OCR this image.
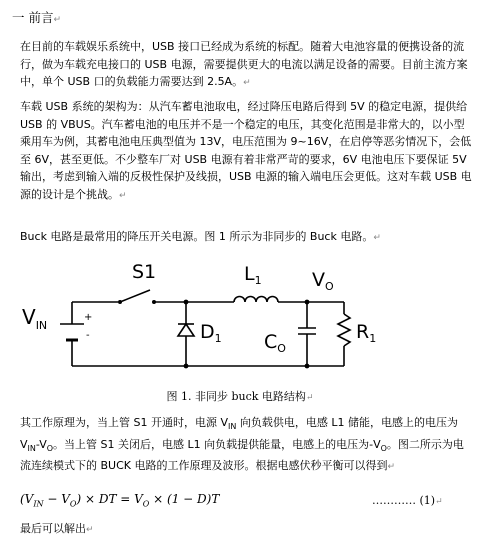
一 前言↵

在目前的车载娱乐系统中，USB 接口已经成为系统的标配。随着大电池容量的便携设备的流行，做为车载充电接口的 USB 电源，需要提供更大的电流以满足设备的需要。目前主流方案中，单个 USB 口的负载能力需要达到 2.5A。↵

车载 USB 系统的架构为：从汽车蓄电池取电，经过降压电路后得到 5V 的稳定电源，提供给 USB 的 VBUS。汽车蓄电池的电压并不是一个稳定的电压，其变化范围是非常大的，以小型乘用车为例，其蓄电池电压典型值为 13V，电压范围为 9~16V，在启停等恶劣情况下，会低至 6V，甚至更低。不少整车厂对 USB 电源有着非常严苛的要求，6V 电池电压下要保证 5V 输出，考虑到输入端的反极性保护及线损，USB 电源的输入端电压会更低。这对车载 USB 电源的设计是个挑战。↵

Buck 电路是最常用的降压开关电源。图 1 所示为非同步的 Buck 电路。↵

+
-
$V_{IN}$
S1	$L_1$	$V_O$
$D_1$ $C_O$
$R_1$
图 1. 非同步 buck 电路结构↵

其工作原理为，当上管 S1 开通时，电源 $V_{IN}$ 向负载供电，电感 L1 储能，电感上的电压为 $V_{IN}-V_O$。当上管 S1 关闭后，电感 L1 向负载提供能量，电感上的电压为$-V_O$。图二所示为电流连续模式下的 BUCK 电路的工作原理及波形。根据电感伏秒平衡可以得到↵

$(V_{IN} - V_O)$ × DT = $V_O \times (1 - D)T$	………… (1)↵
最后可以解出↵
